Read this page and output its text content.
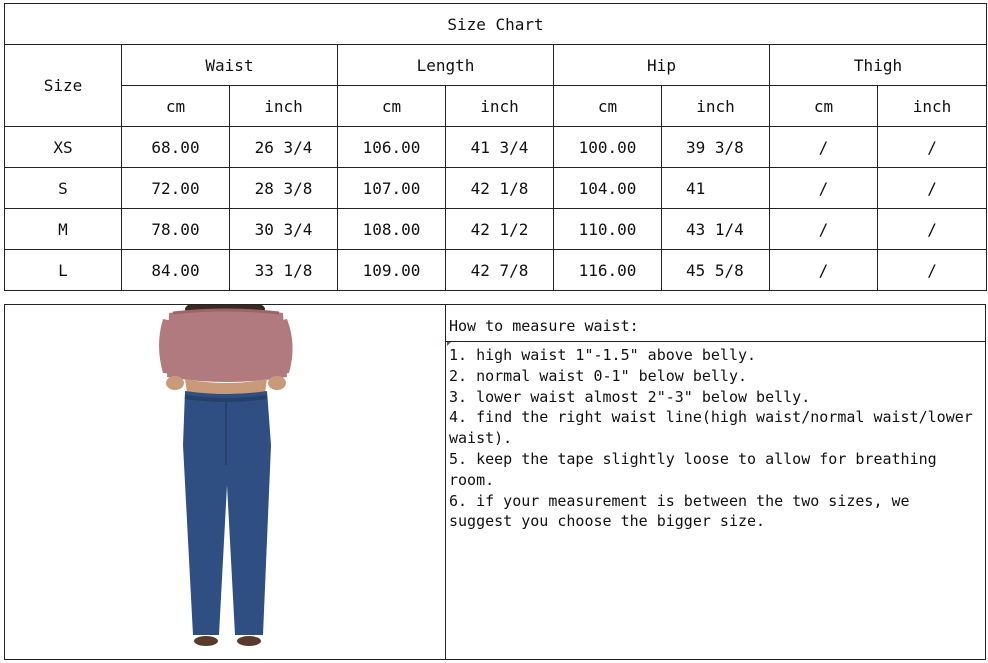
Size Chart								
Size	Waist		Length		Hip		Thigh	
	cm	inch	cm	inch	cm	inch	cm	inch
XS	68.00	26 3/4	106.00	41 3/4	100.00	39 3/8	/	/
S	72.00	28 3/8	107.00	42 1/8	104.00	41	/	/
M	78.00	30 3/4	108.00	42 1/2	110.00	43 1/4	/	/
L	84.00	33 1/8	109.00	42 7/8	116.00	45 5/8	/	/
How to measure waist:
1. high waist 1"-1.5" above belly.
2. normal waist 0-1" below belly.
3. lower waist almost 2"-3" below belly.
4. find the right waist line(high waist/normal waist/lower waist).
5. keep the tape slightly loose to allow for breathing room.
6. if your measurement is between the two sizes, we suggest you choose the bigger size.
